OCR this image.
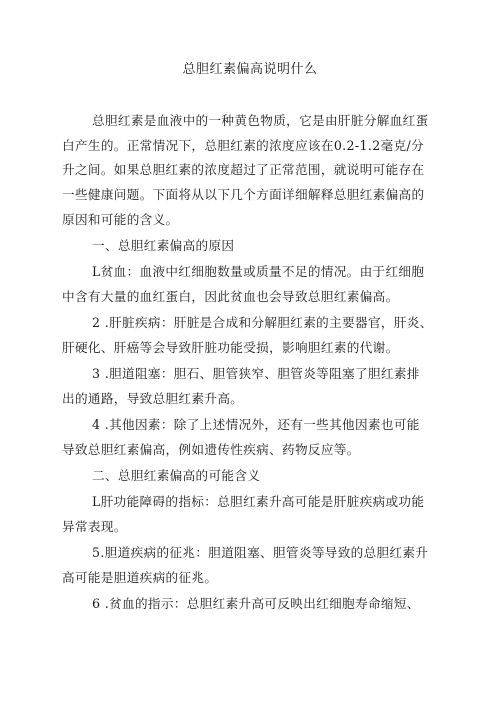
总胆红素偏高说明什么
总胆红素是血液中的一种黄色物质，它是由肝脏分解血红蛋
白产生的。正常情况下，总胆红素的浓度应该在0.2-1.2毫克/分
升之间。如果总胆红素的浓度超过了正常范围，就说明可能存在
一些健康问题。下面将从以下几个方面详细解释总胆红素偏高的
原因和可能的含义。
一、总胆红素偏高的原因
L贫血：血液中红细胞数量或质量不足的情况。由于红细胞
中含有大量的血红蛋白，因此贫血也会导致总胆红素偏高。
2 .肝脏疾病：肝脏是合成和分解胆红素的主要器官，肝炎、
肝硬化、肝癌等会导致肝脏功能受损，影响胆红素的代谢。
3 .胆道阻塞：胆石、胆管狭窄、胆管炎等阻塞了胆红素排
出的通路，导致总胆红素升高。
4 .其他因素：除了上述情况外，还有一些其他因素也可能
导致总胆红素偏高，例如遗传性疾病、药物反应等。
二、总胆红素偏高的可能含义
L肝功能障碍的指标：总胆红素升高可能是肝脏疾病或功能
异常表现。
5.胆道疾病的征兆：胆道阻塞、胆管炎等导致的总胆红素升
高可能是胆道疾病的征兆。
6 .贫血的指示：总胆红素升高可反映出红细胞寿命缩短、
